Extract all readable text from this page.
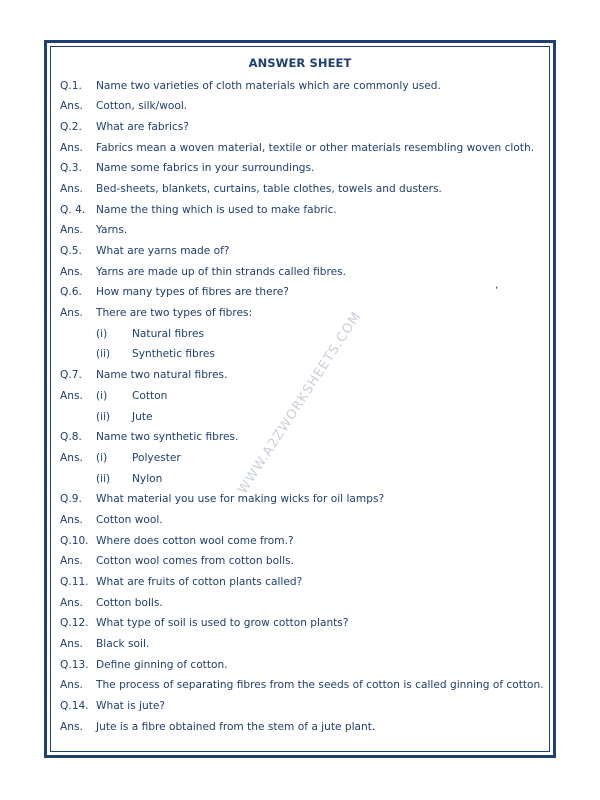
WWW.A2ZWORKSHEETS.COM
,
ANSWER SHEET
Q.1. Name two varieties of cloth materials which are commonly used.
Ans. Cotton, silk/wool.
Q.2. What are fabrics?
Ans. Fabrics mean a woven material, textile or other materials resembling woven cloth.
Q.3. Name some fabrics in your surroundings.
Ans. Bed-sheets, blankets, curtains, table clothes, towels and dusters.
Q. 4. Name the thing which is used to make fabric.
Ans. Yarns.
Q.5. What are yarns made of?
Ans. Yarns are made up of thin strands called fibres.
Q.6. How many types of fibres are there?
Ans. There are two types of fibres:
(i) Natural fibres
(ii) Synthetic fibres
Q.7. Name two natural fibres.
Ans. (i) Cotton
(ii) Jute
Q.8. Name two synthetic fibres.
Ans. (i) Polyester
(ii) Nylon
Q.9. What material you use for making wicks for oil lamps?
Ans. Cotton wool.
Q.10. Where does cotton wool come from.?
Ans. Cotton wool comes from cotton bolls.
Q.11. What are fruits of cotton plants called?
Ans. Cotton bolls.
Q.12. What type of soil is used to grow cotton plants?
Ans. Black soil.
Q.13. Define ginning of cotton.
Ans. The process of separating fibres from the seeds of cotton is called ginning of cotton.
Q.14. What is jute?
Ans. Jute is a fibre obtained from the stem of a jute plant.
